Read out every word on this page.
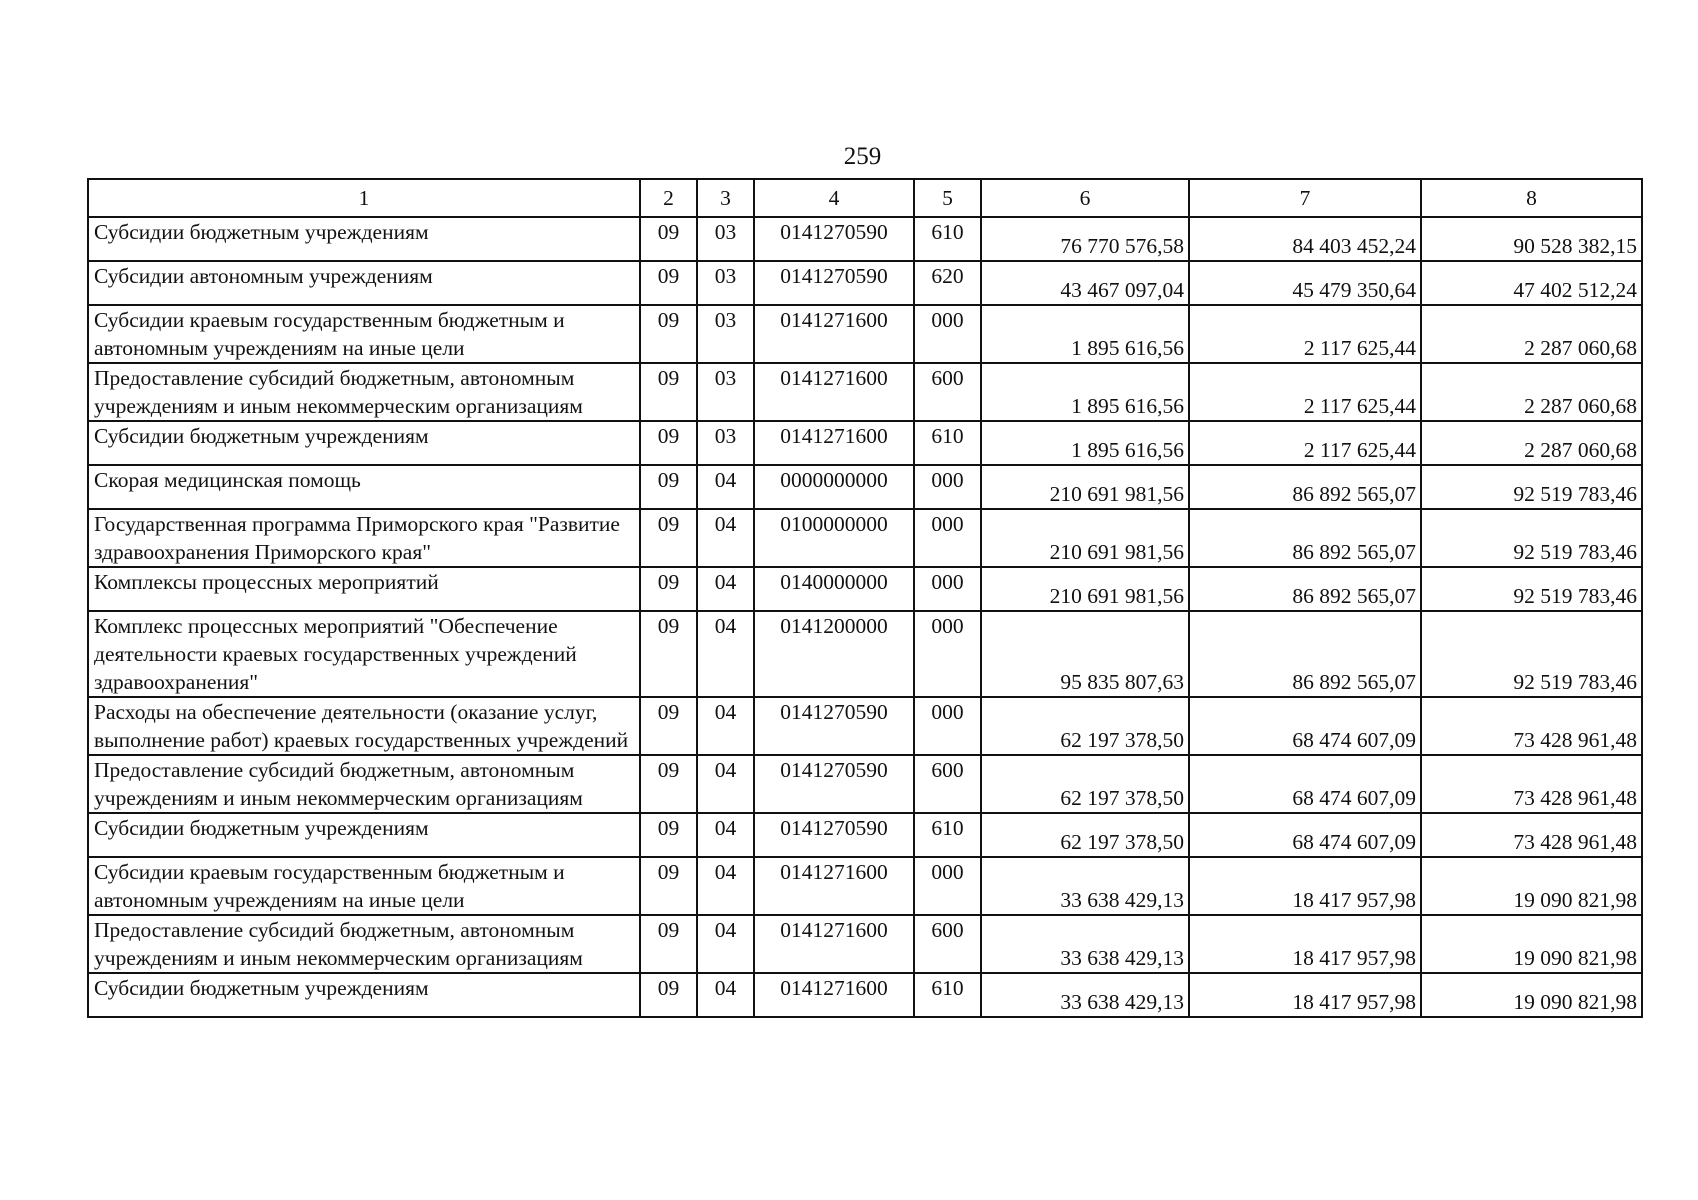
259
1	2	3	4	5	6	7	8
Субсидии бюджетным учреждениям	09	03	0141270590	610	76 770 576,58	84 403 452,24	90 528 382,15
Субсидии автономным учреждениям	09	03	0141270590	620	43 467 097,04	45 479 350,64	47 402 512,24
Субсидии краевым государственным бюджетным и автономным учреждениям на иные цели	09	03	0141271600	000	1 895 616,56	2 117 625,44	2 287 060,68
Предоставление субсидий бюджетным, автономным учреждениям и иным некоммерческим организациям	09	03	0141271600	600	1 895 616,56	2 117 625,44	2 287 060,68
Субсидии бюджетным учреждениям	09	03	0141271600	610	1 895 616,56	2 117 625,44	2 287 060,68
Скорая медицинская помощь	09	04	0000000000	000	210 691 981,56	86 892 565,07	92 519 783,46
Государственная программа Приморского края "Развитие здравоохранения Приморского края"	09	04	0100000000	000	210 691 981,56	86 892 565,07	92 519 783,46
Комплексы процессных мероприятий	09	04	0140000000	000	210 691 981,56	86 892 565,07	92 519 783,46
Комплекс процессных мероприятий "Обеспечение деятельности краевых государственных учреждений здравоохранения"	09	04	0141200000	000	95 835 807,63	86 892 565,07	92 519 783,46
Расходы на обеспечение деятельности (оказание услуг, выполнение работ) краевых государственных учреждений	09	04	0141270590	000	62 197 378,50	68 474 607,09	73 428 961,48
Предоставление субсидий бюджетным, автономным учреждениям и иным некоммерческим организациям	09	04	0141270590	600	62 197 378,50	68 474 607,09	73 428 961,48
Субсидии бюджетным учреждениям	09	04	0141270590	610	62 197 378,50	68 474 607,09	73 428 961,48
Субсидии краевым государственным бюджетным и автономным учреждениям на иные цели	09	04	0141271600	000	33 638 429,13	18 417 957,98	19 090 821,98
Предоставление субсидий бюджетным, автономным учреждениям и иным некоммерческим организациям	09	04	0141271600	600	33 638 429,13	18 417 957,98	19 090 821,98
Субсидии бюджетным учреждениям	09	04	0141271600	610	33 638 429,13	18 417 957,98	19 090 821,98
